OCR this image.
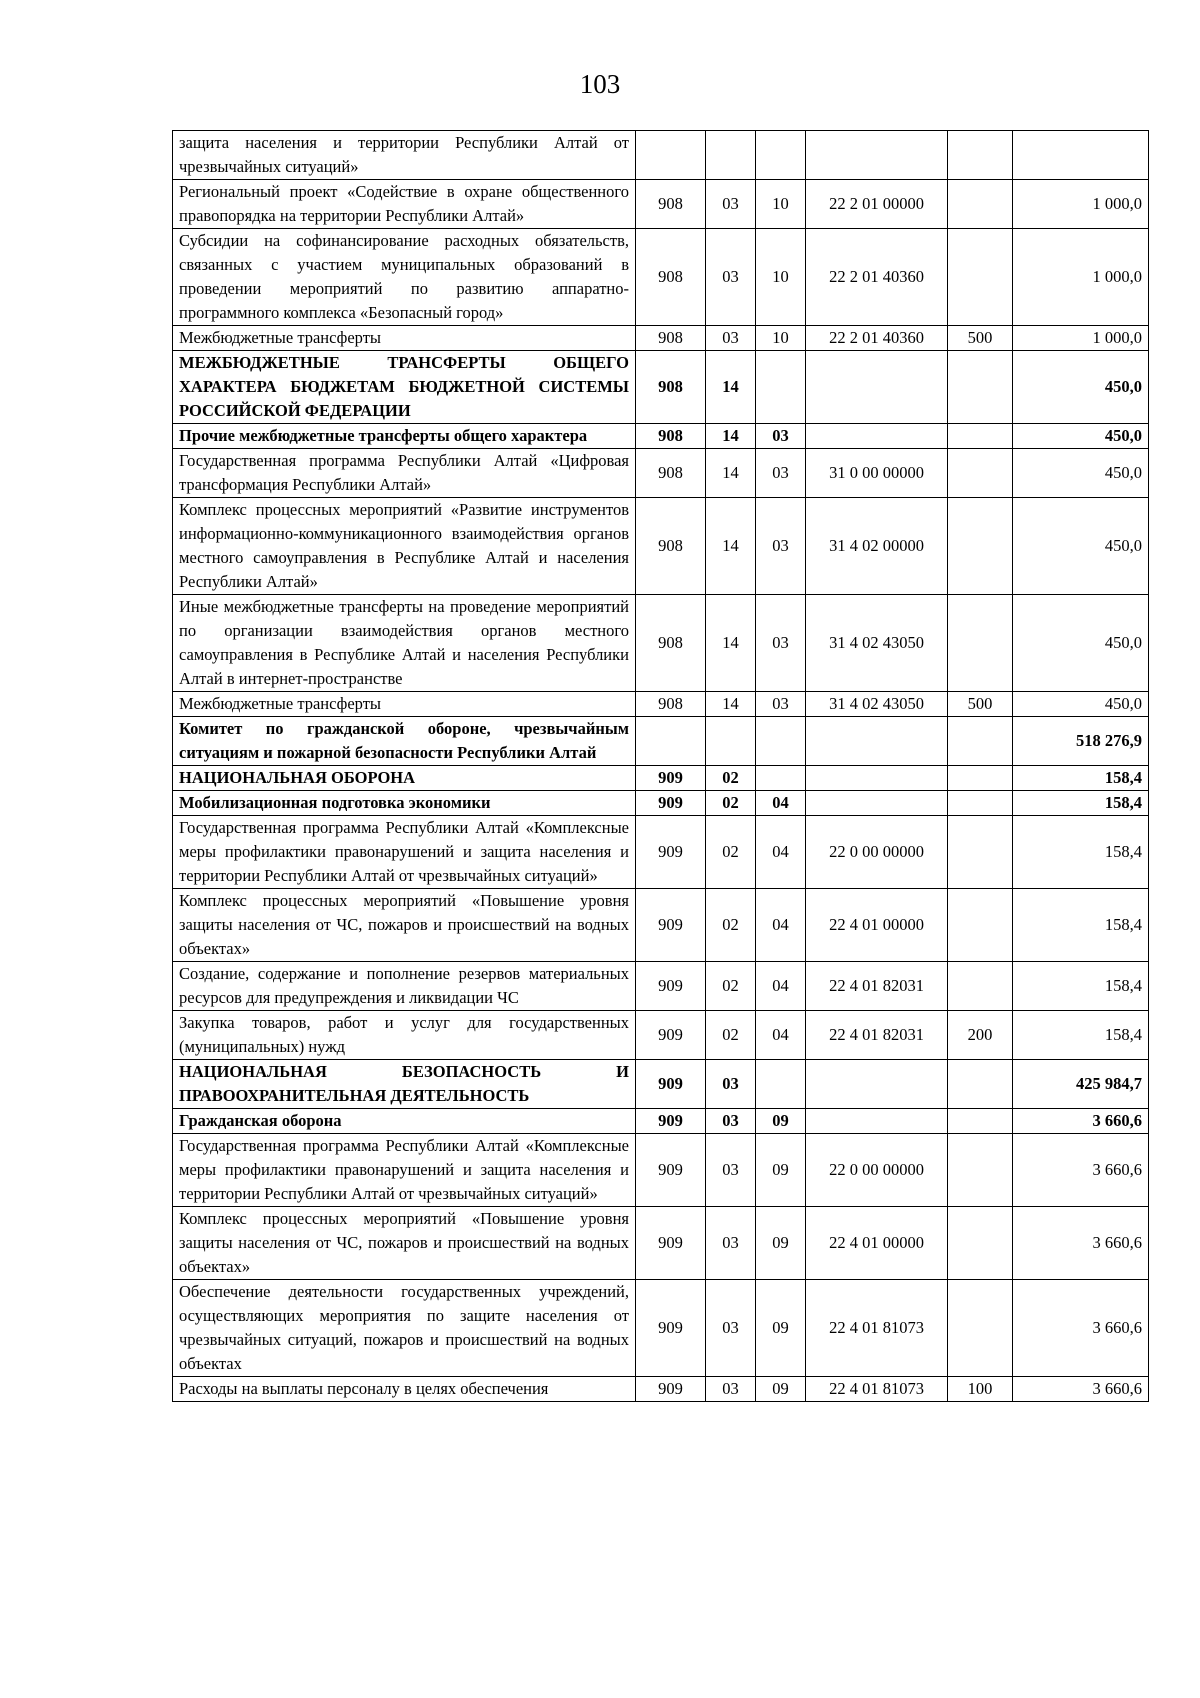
103
защита населения и территории Республики Алтай от чрезвычайных ситуаций»						
Региональный проект «Содействие в охране общественного правопорядка на территории Республики Алтай»	908	03	10	22 2 01 00000		1 000,0
Субсидии на софинансирование расходных обязательств, связанных с участием муниципальных образований в проведении мероприятий по развитию аппаратно-программного комплекса «Безопасный город»	908	03	10	22 2 01 40360		1 000,0
Межбюджетные трансферты	908	03	10	22 2 01 40360	500	1 000,0
МЕЖБЮДЖЕТНЫЕ ТРАНСФЕРТЫ ОБЩЕГО ХАРАКТЕРА БЮДЖЕТАМ БЮДЖЕТНОЙ СИСТЕМЫ РОССИЙСКОЙ ФЕДЕРАЦИИ	908	14				450,0
Прочие межбюджетные трансферты общего характера	908	14	03			450,0
Государственная программа Республики Алтай «Цифровая трансформация Республики Алтай»	908	14	03	31 0 00 00000		450,0
Комплекс процессных мероприятий «Развитие инструментов информационно-коммуникационного взаимодействия органов местного самоуправления в Республике Алтай и населения Республики Алтай»	908	14	03	31 4 02 00000		450,0
Иные межбюджетные трансферты на проведение мероприятий по организации взаимодействия органов местного самоуправления в Республике Алтай и населения Республики Алтай в интернет-пространстве	908	14	03	31 4 02 43050		450,0
Межбюджетные трансферты	908	14	03	31 4 02 43050	500	450,0
Комитет по гражданской обороне, чрезвычайным ситуациям и пожарной безопасности Республики Алтай						518 276,9
НАЦИОНАЛЬНАЯ ОБОРОНА	909	02				158,4
Мобилизационная подготовка экономики	909	02	04			158,4
Государственная программа Республики Алтай «Комплексные меры профилактики правонарушений и защита населения и территории Республики Алтай от чрезвычайных ситуаций»	909	02	04	22 0 00 00000		158,4
Комплекс процессных мероприятий «Повышение уровня защиты населения от ЧС, пожаров и происшествий на водных объектах»	909	02	04	22 4 01 00000		158,4
Создание, содержание и пополнение резервов материальных ресурсов для предупреждения и ликвидации ЧС	909	02	04	22 4 01 82031		158,4
Закупка товаров, работ и услуг для государственных (муниципальных) нужд	909	02	04	22 4 01 82031	200	158,4
НАЦИОНАЛЬНАЯ БЕЗОПАСНОСТЬ И ПРАВООХРАНИТЕЛЬНАЯ ДЕЯТЕЛЬНОСТЬ	909	03				425 984,7
Гражданская оборона	909	03	09			3 660,6
Государственная программа Республики Алтай «Комплексные меры профилактики правонарушений и защита населения и территории Республики Алтай от чрезвычайных ситуаций»	909	03	09	22 0 00 00000		3 660,6
Комплекс процессных мероприятий «Повышение уровня защиты населения от ЧС, пожаров и происшествий на водных объектах»	909	03	09	22 4 01 00000		3 660,6
Обеспечение деятельности государственных учреждений, осуществляющих мероприятия по защите населения от чрезвычайных ситуаций, пожаров и происшествий на водных объектах	909	03	09	22 4 01 81073		3 660,6
Расходы на выплаты персоналу в целях обеспечения	909	03	09	22 4 01 81073	100	3 660,6
